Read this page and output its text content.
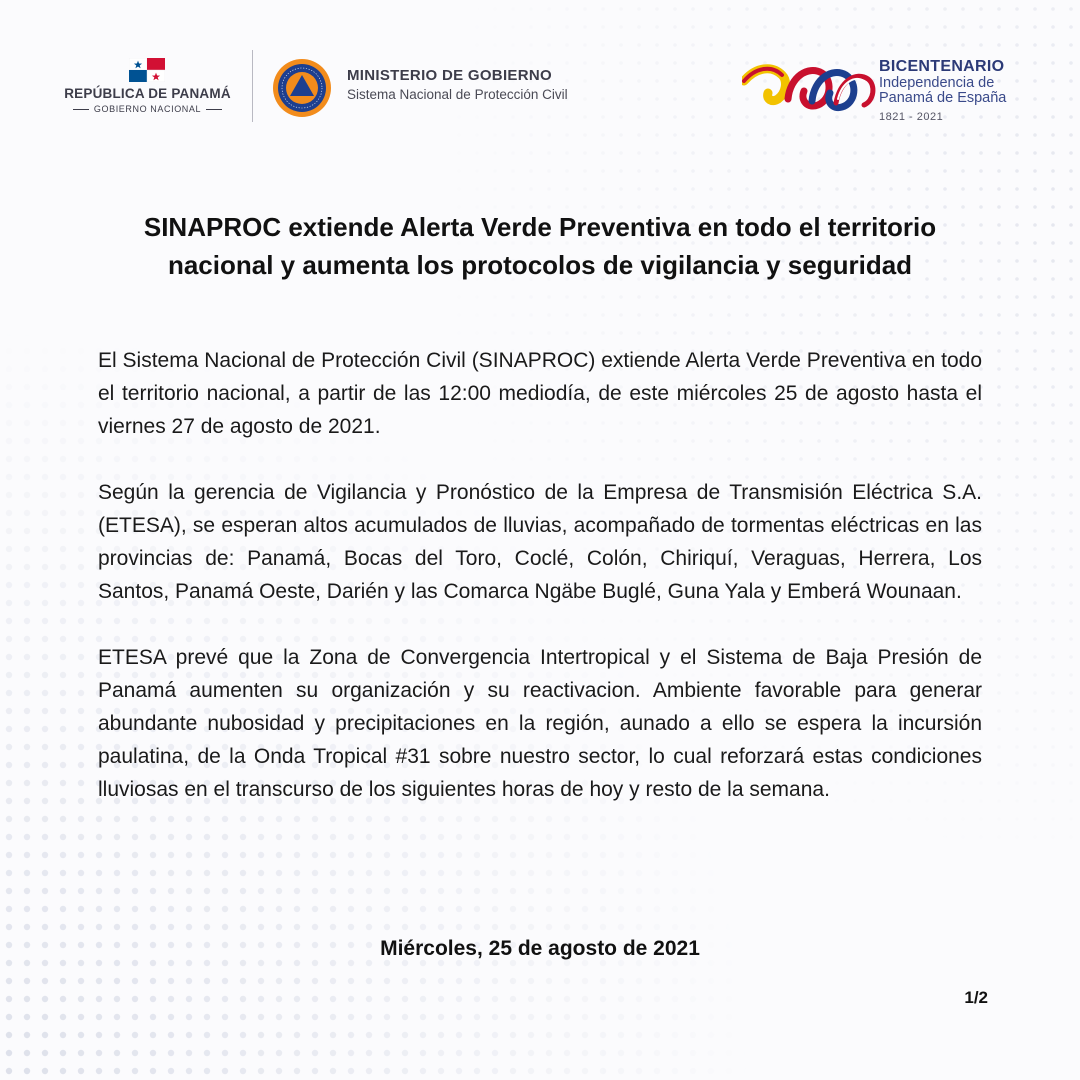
REPÚBLICA DE PANAMÁ
GOBIERNO NACIONAL
MINISTERIO DE GOBIERNO
Sistema Nacional de Protección Civil
BICENTENARIO
Independencia de
Panamá de España
1821 - 2021
SINAPROC extiende Alerta Verde Preventiva en todo el territorio
nacional y aumenta los protocolos de vigilancia y seguridad

El Sistema Nacional de Protección Civil (SINAPROC) extiende Alerta Verde Preventiva en todo el territorio nacional, a partir de las 12:00 mediodía, de este miércoles 25 de agosto hasta el viernes 27 de agosto de 2021.

Según la gerencia de Vigilancia y Pronóstico de la Empresa de Transmisión Eléctrica S.A. (ETESA), se esperan altos acumulados de lluvias, acompañado de tormentas eléctricas en las provincias de: Panamá, Bocas del Toro, Coclé, Colón, Chiriquí, Veraguas, Herrera, Los Santos, Panamá Oeste, Darién y las Comarca Ngäbe Buglé, Guna Yala y Emberá Wounaan.

ETESA prevé que la Zona de Convergencia Intertropical y el Sistema de Baja Presión de Panamá aumenten su organización y su reactivacion. Ambiente favorable para generar abundante nubosidad y precipitaciones en la región, aunado a ello se espera la incursión paulatina, de la Onda Tropical #31 sobre nuestro sector, lo cual reforzará estas condiciones lluviosas en el transcurso de los siguientes horas de hoy y resto de la semana.

Miércoles, 25 de agosto de 2021
1/2
